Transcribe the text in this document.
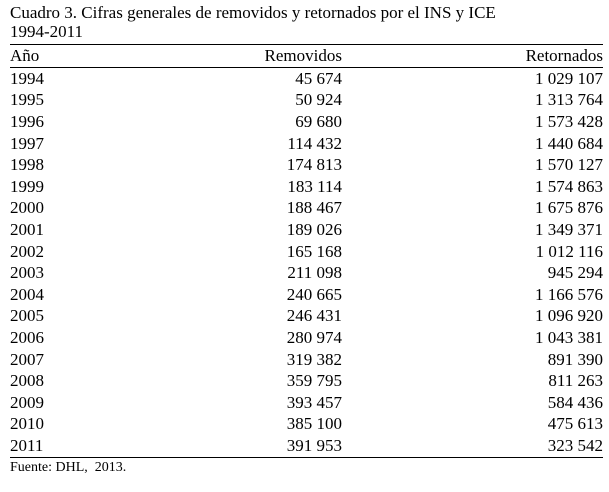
Cuadro 3. Cifras generales de removidos y retornados por el INS y ICE

1994-2011

Año	Removidos	Retornados
1994	45 674	1 029 107
1995	50 924	1 313 764
1996	69 680	1 573 428
1997	114 432	1 440 684
1998	174 813	1 570 127
1999	183 114	1 574 863
2000	188 467	1 675 876
2001	189 026	1 349 371
2002	165 168	1 012 116
2003	211 098	945 294
2004	240 665	1 166 576
2005	246 431	1 096 920
2006	280 974	1 043 381
2007	319 382	891 390
2008	359 795	811 263
2009	393 457	584 436
2010	385 100	475 613
2011	391 953	323 542
Fuente: DHL,  2013.
